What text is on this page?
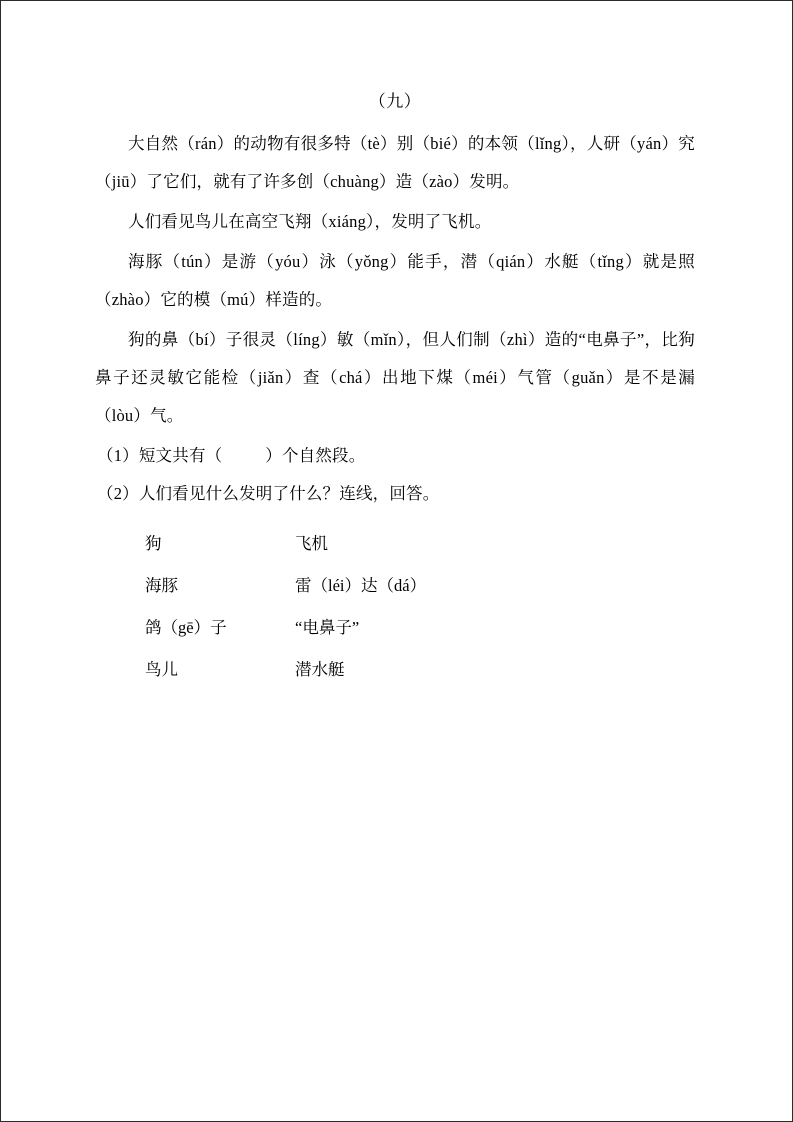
（九）

大自然（rán）的动物有很多特（tè）别（bié）的本领（lǐng），人研（yán）究（jiū）了它们，就有了许多创（chuàng）造（zào）发明。

人们看见鸟儿在高空飞翔（xiáng），发明了飞机。

海豚（tún）是游（yóu）泳（yǒng）能手，潜（qián）水艇（tǐng）就是照（zhào）它的模（mú）样造的。

狗的鼻（bí）子很灵（líng）敏（mǐn），但人们制（zhì）造的“电鼻子”，比狗鼻子还灵敏它能检（jiǎn）查（chá）出地下煤（méi）气管（guǎn）是不是漏（lòu）气。

（1）短文共有（	）个自然段。

（2）人们看见什么发明了什么？连线，回答。

狗	飞机
海豚	雷（léi）达（dá）
鸽（gē）子	“电鼻子”
鸟儿	潜水艇
